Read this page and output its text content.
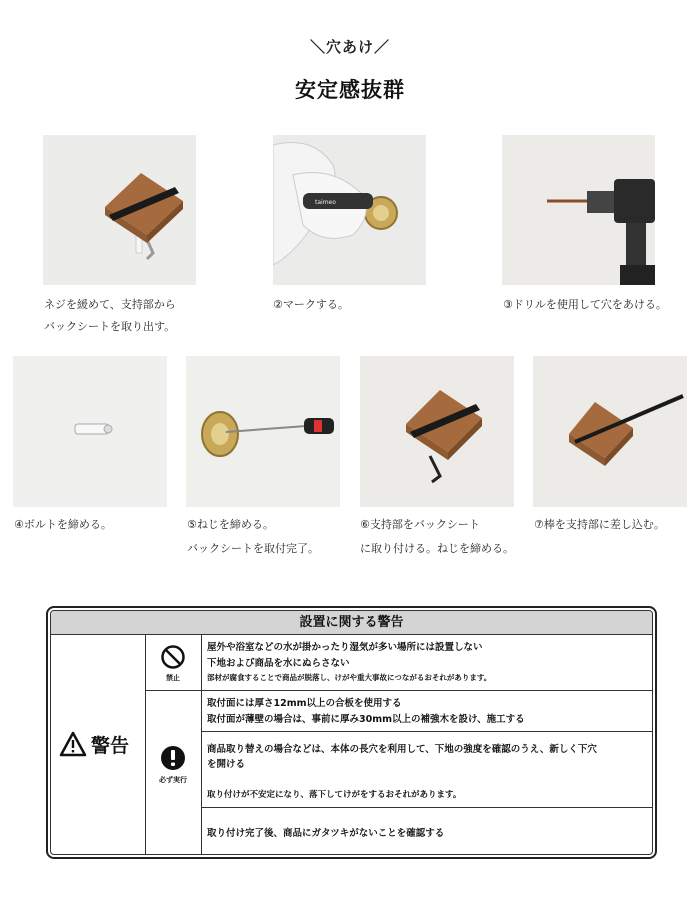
＼穴あけ／
安定感抜群
taimeo
ネジを緩めて、支持部から
バックシートを取り出す。
②マークする。	③ドリルを使用して穴をあける。
④ボルトを締める。	⑤ねじを締める。
バックシートを取付完了。
⑥支持部をバックシート
に取り付ける。ねじを締める。
⑦棒を支持部に差し込む。
設置に関する警告
警告
禁止
必ず実行
屋外や浴室などの水が掛かったり湿気が多い場所には設置しない
下地および商品を水にぬらさない
部材が腐食することで商品が脱落し、けがや重大事故につながるおそれがあります。
取付面には厚さ12mm以上の合板を使用する
取付面が薄壁の場合は、事前に厚み30mm以上の補強木を設け、施工する
商品取り替えの場合などは、本体の長穴を利用して、下地の強度を確認のうえ、新しく下穴
を開ける
取り付けが不安定になり、落下してけがをするおそれがあります。
取り付け完了後、商品にガタツキがないことを確認する
